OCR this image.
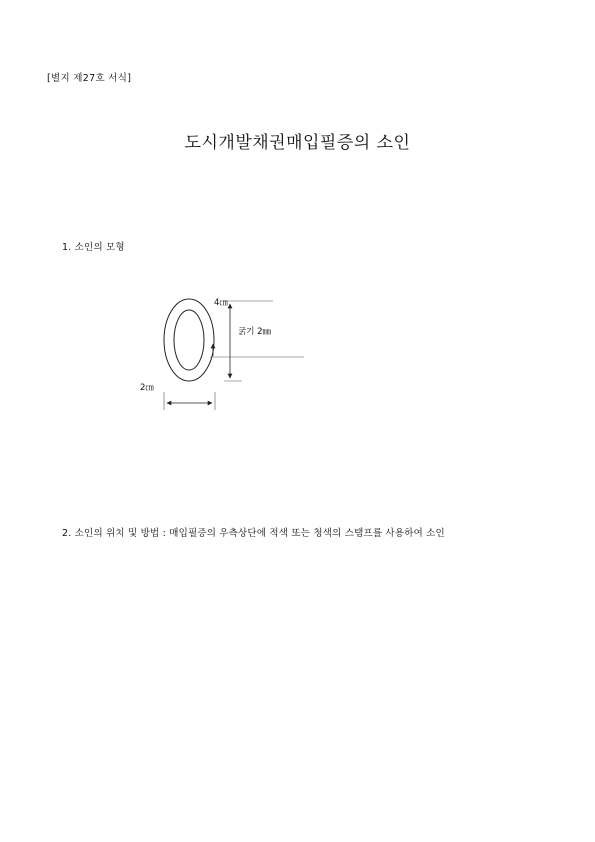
[별지 제27호 서식]
도시개발채권매입필증의 소인
1. 소인의 모형
4㎝
굵기 2㎜
2㎝
2. 소인의 위치 및 방법 : 매입필증의 우측상단에 적색 또는 청색의 스탬프를 사용하여 소인
